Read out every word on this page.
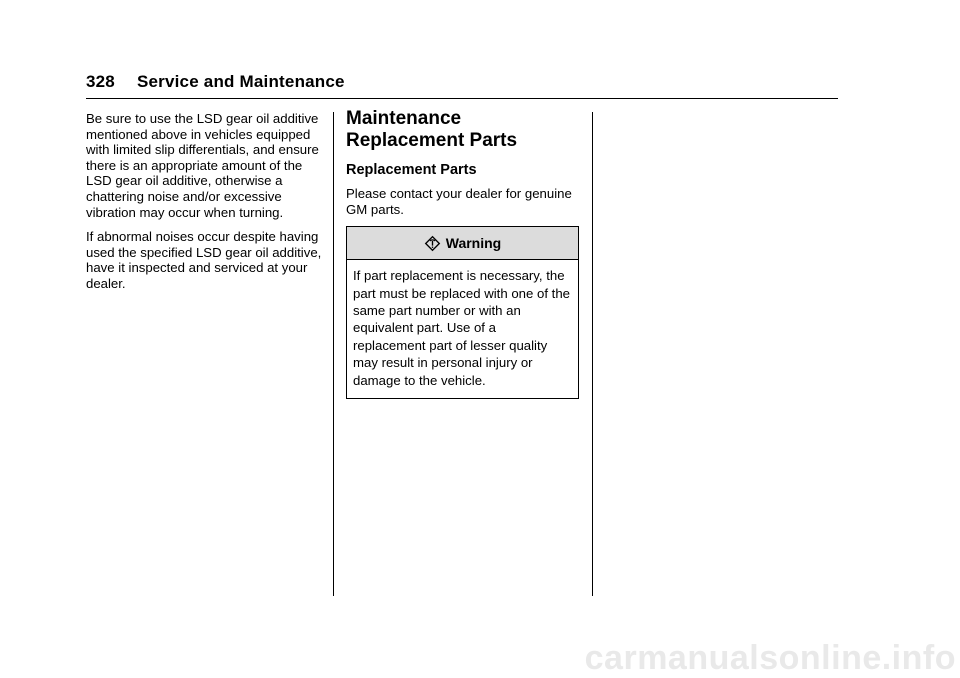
328 Service and Maintenance

Be sure to use the LSD gear oil additive mentioned above in vehicles equipped with limited slip differentials, and ensure there is an appropriate amount of the LSD gear oil additive, otherwise a chattering noise and/or excessive vibration may occur when turning.

If abnormal noises occur despite having used the specified LSD gear oil additive, have it inspected and serviced at your dealer.

Maintenance
Replacement Parts
Replacement Parts

Please contact your dealer for genuine GM parts.

Warning

If part replacement is necessary, the part must be replaced with one of the same part number or with an equivalent part. Use of a replacement part of lesser quality may result in personal injury or damage to the vehicle.

carmanualsonline.info
